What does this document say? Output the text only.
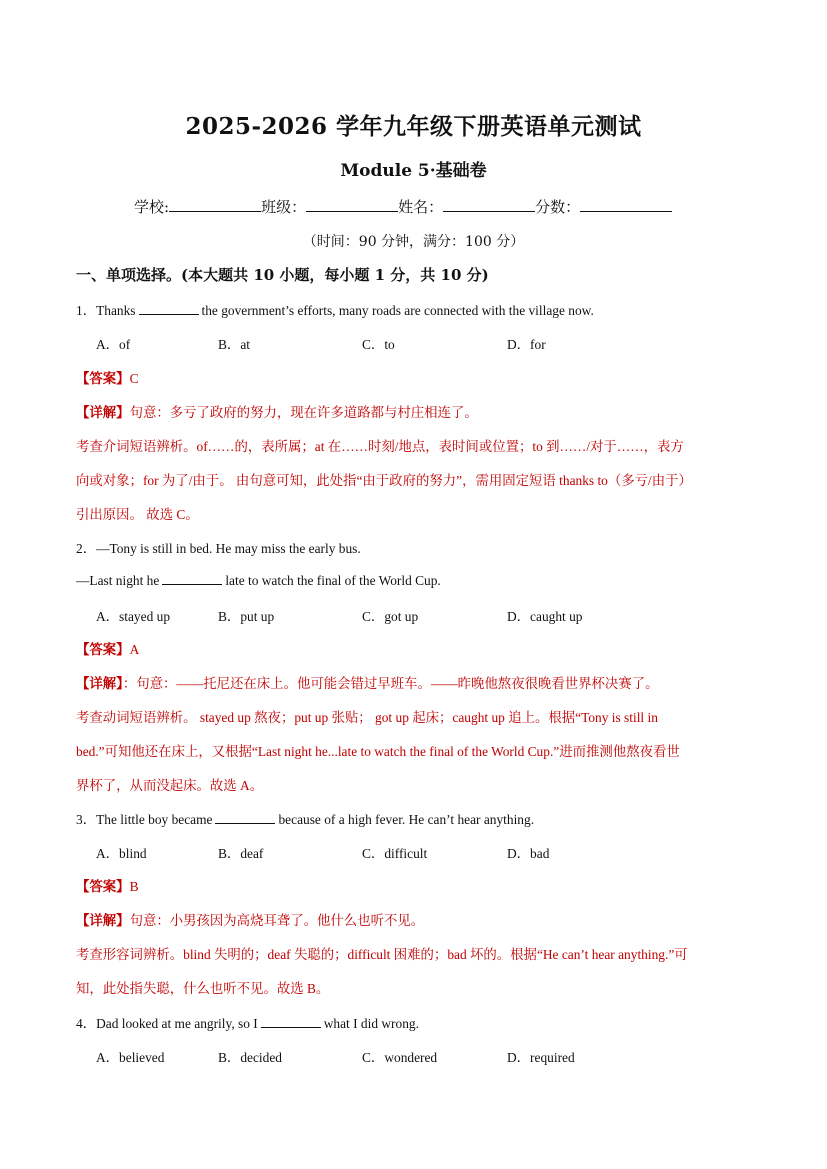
2025-2026 学年九年级下册英语单元测试
Module 5·基础卷
学校:	班级：	姓名：	分数：
（时间：90 分钟，满分：100 分）
一、单项选择。(本大题共 10 小题，每小题 1 分，共 10 分)
1．Thanks	the government’s efforts, many roads are connected with the village now.
A．of	B．at	C．to	D．for
【答案】C
【详解】句意：多亏了政府的努力，现在许多道路都与村庄相连了。
考查介词短语辨析。of……的，表所属；at 在……时刻/地点，表时间或位置；to 到……/对于……，表方
向或对象；for 为了/由于。 由句意可知，此处指“由于政府的努力”，需用固定短语 thanks to（多亏/由于）
引出原因。 故选 C。
2．—Tony is still in bed. He may miss the early bus.
—Last night he	late to watch the final of the World Cup.
A．stayed up	B．put up	C．got up	D．caught up
【答案】A
【详解】：句意：——托尼还在床上。他可能会错过早班车。——昨晚他熬夜很晚看世界杯决赛了。
考查动词短语辨析。 stayed up 熬夜；put up 张贴； got up 起床；caught up 追上。根据“Tony is still in
bed.”可知他还在床上，又根据“Last night he...late to watch the final of the World Cup.”进而推测他熬夜看世
界杯了，从而没起床。故选 A。
3．The little boy became	because of a high fever. He can’t hear anything.
A．blind	B．deaf	C．difficult	D．bad
【答案】B
【详解】句意：小男孩因为高烧耳聋了。他什么也听不见。
考查形容词辨析。blind 失明的；deaf 失聪的；difficult 困难的；bad 坏的。根据“He can’t hear anything.”可
知，此处指失聪，什么也听不见。故选 B。
4．Dad looked at me angrily, so I	what I did wrong.
A．believed	B．decided	C．wondered	D．required
